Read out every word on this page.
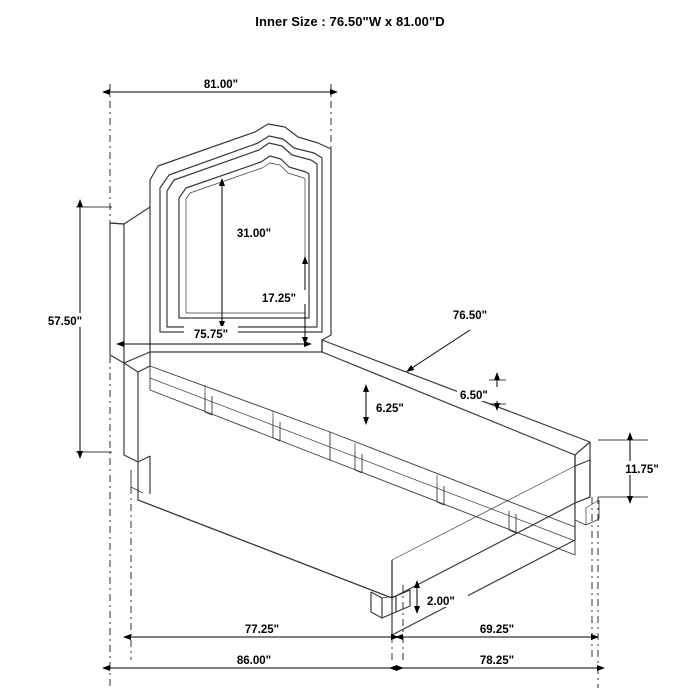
Inner Size : 76.50"W x 81.00"D
81.00"
31.00"
17.25"
75.75"
57.50"	76.50"
6.25"
6.50"
11.75"
2.00"
77.25"	69.25"
86.00"	78.25"
